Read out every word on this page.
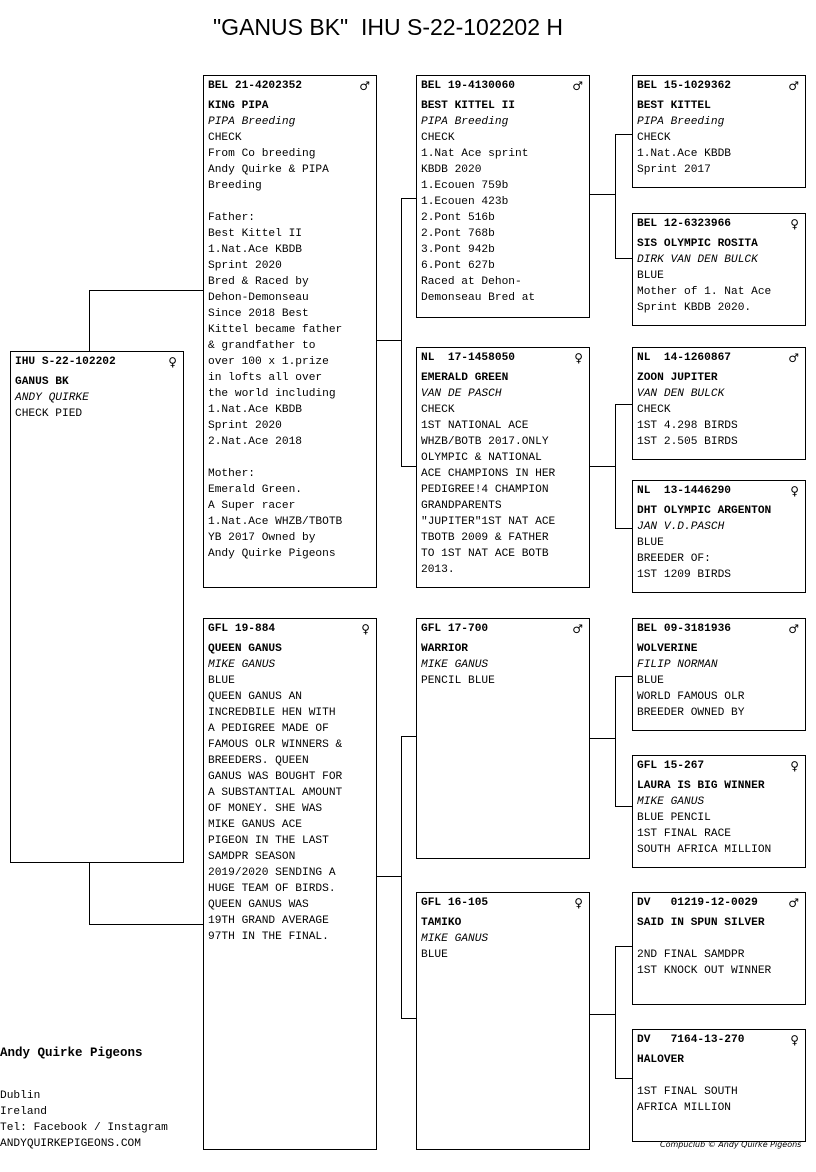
"GANUS BK"  IHU S-22-102202 H
IHU S-22-102202	♀
GANUS BK
ANDY QUIRKE
CHECK PIED
BEL 21-4202352	♂
KING PIPA
PIPA Breeding
CHECK
From Co breeding
Andy Quirke & PIPA
Breeding
Father:
Best Kittel II
1.Nat.Ace KBDB
Sprint 2020
Bred & Raced by
Dehon-Demonseau
Since 2018 Best
Kittel became father
& grandfather to
over 100 x 1.prize
in lofts all over
the world including
1.Nat.Ace KBDB
Sprint 2020
2.Nat.Ace 2018
Mother:
Emerald Green.
A Super racer
1.Nat.Ace WHZB/TBOTB
YB 2017 Owned by
Andy Quirke Pigeons
GFL 19-884	♀
QUEEN GANUS
MIKE GANUS
BLUE
QUEEN GANUS AN
INCREDBILE HEN WITH
A PEDIGREE MADE OF
FAMOUS OLR WINNERS &
BREEDERS. QUEEN
GANUS WAS BOUGHT FOR
A SUBSTANTIAL AMOUNT
OF MONEY. SHE WAS
MIKE GANUS ACE
PIGEON IN THE LAST
SAMDPR SEASON
2019/2020 SENDING A
HUGE TEAM OF BIRDS.
QUEEN GANUS WAS
19TH GRAND AVERAGE
97TH IN THE FINAL.
BEL 19-4130060	♂
BEST KITTEL II
PIPA Breeding
CHECK
1.Nat Ace sprint
KBDB 2020
1.Ecouen 759b
1.Ecouen 423b
2.Pont 516b
2.Pont 768b
3.Pont 942b
6.Pont 627b
Raced at Dehon-
Demonseau Bred at
NL  17-1458050	♀
EMERALD GREEN
VAN DE PASCH
CHECK
1ST NATIONAL ACE
WHZB/BOTB 2017.ONLY
OLYMPIC & NATIONAL
ACE CHAMPIONS IN HER
PEDIGREE!4 CHAMPION
GRANDPARENTS
"JUPITER"1ST NAT ACE
TBOTB 2009 & FATHER
TO 1ST NAT ACE BOTB
2013.
GFL 17-700	♂
WARRIOR
MIKE GANUS
PENCIL BLUE
GFL 16-105	♀
TAMIKO
MIKE GANUS
BLUE
BEL 15-1029362	♂
BEST KITTEL
PIPA Breeding
CHECK
1.Nat.Ace KBDB
Sprint 2017
BEL 12-6323966	♀
SIS OLYMPIC ROSITA
DIRK VAN DEN BULCK
BLUE
Mother of 1. Nat Ace
Sprint KBDB 2020.
NL  14-1260867	♂
ZOON JUPITER
VAN DEN BULCK
CHECK
1ST 4.298 BIRDS
1ST 2.505 BIRDS
NL  13-1446290	♀
DHT OLYMPIC ARGENTON
JAN V.D.PASCH
BLUE
BREEDER OF:
1ST 1209 BIRDS
BEL 09-3181936	♂
WOLVERINE
FILIP NORMAN
BLUE
WORLD FAMOUS OLR
BREEDER OWNED BY
GFL 15-267	♀
LAURA IS BIG WINNER
MIKE GANUS
BLUE PENCIL
1ST FINAL RACE
SOUTH AFRICA MILLION
DV   01219-12-0029	♂
SAID IN SPUN SILVER
2ND FINAL SAMDPR
1ST KNOCK OUT WINNER
DV   7164-13-270	♀
HALOVER
1ST FINAL SOUTH
AFRICA MILLION
Andy Quirke Pigeons
Dublin
Ireland
Tel: Facebook / Instagram
ANDYQUIRKEPIGEONS.COM	Compuclub © Andy Quirke Pigeons
